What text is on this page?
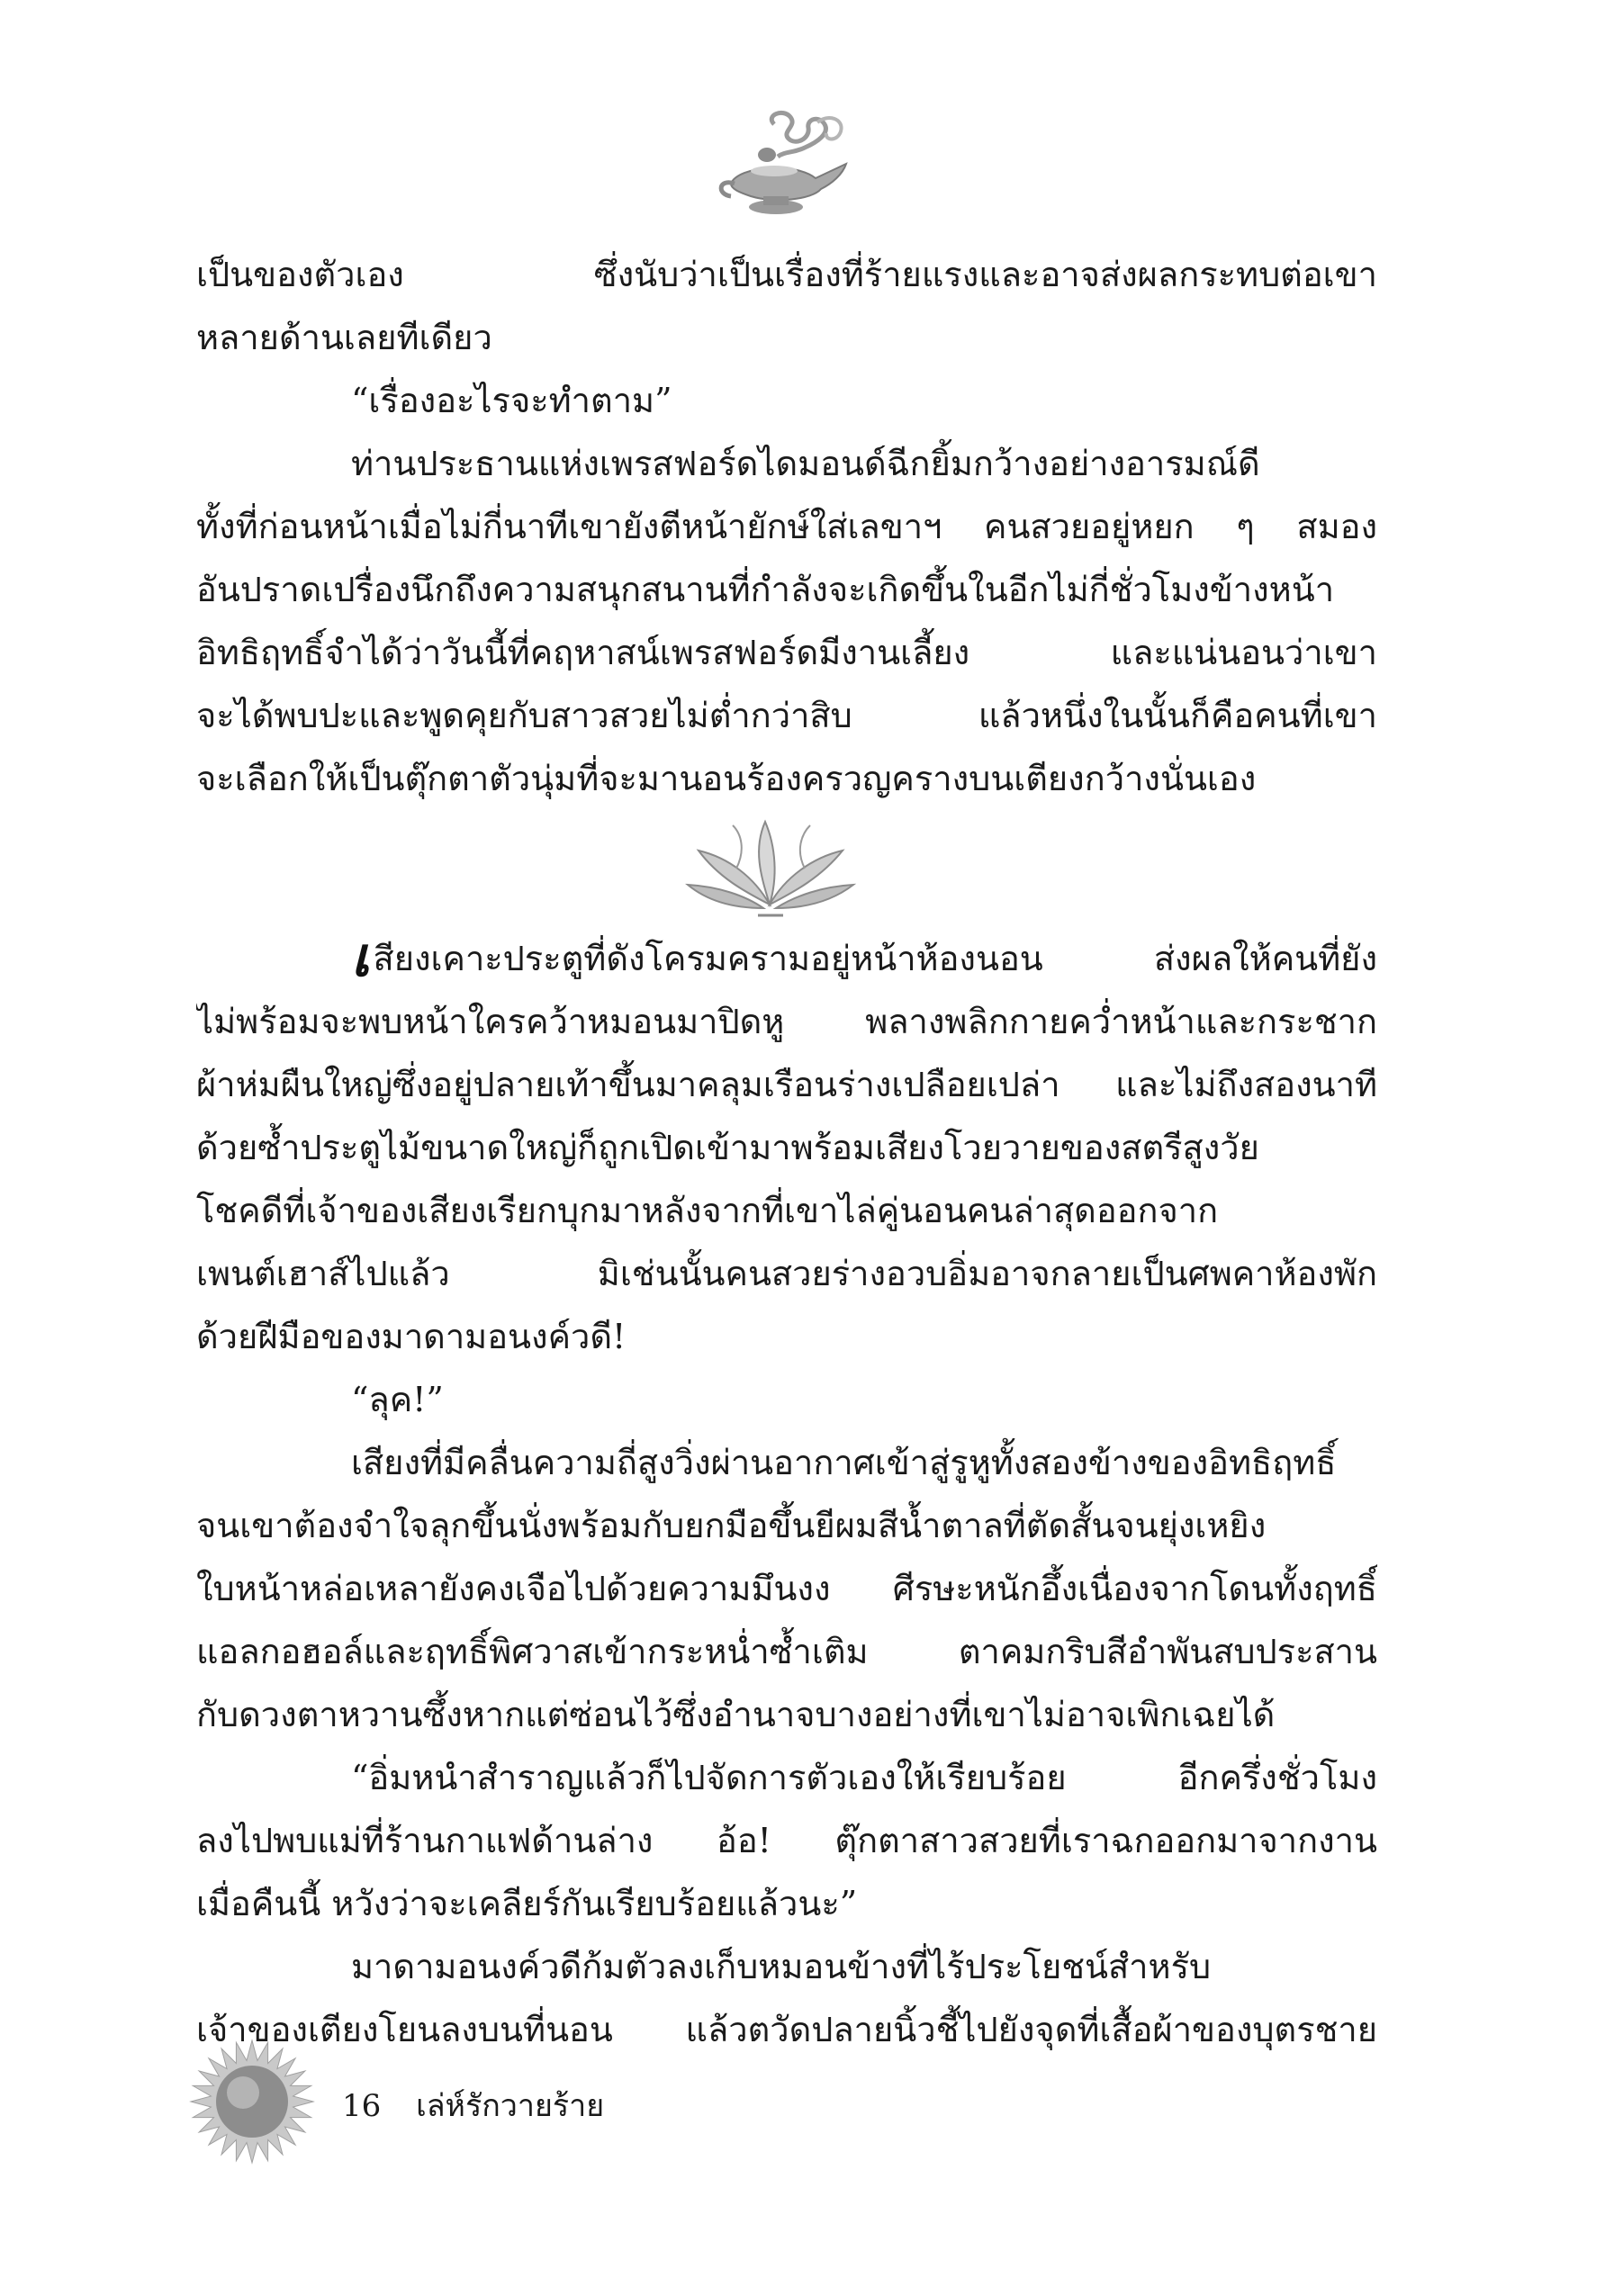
เป็นของตัวเอง ซึ่งนับว่าเป็นเรื่องที่ร้ายแรงและอาจส่งผลกระทบต่อเขา
หลายด้านเลยทีเดียว
“เรื่องอะไรจะทำตาม”
ท่านประธานแห่งเพรสฟอร์ดไดมอนด์ฉีกยิ้มกว้างอย่างอารมณ์ดี
ทั้งที่ก่อนหน้าเมื่อไม่กี่นาทีเขายังตีหน้ายักษ์ใส่เลขาฯ คนสวยอยู่หยก ๆ สมอง
อันปราดเปรื่องนึกถึงความสนุกสนานที่กำลังจะเกิดขึ้นในอีกไม่กี่ชั่วโมงข้างหน้า
อิทธิฤทธิ์จำได้ว่าวันนี้ที่คฤหาสน์เพรสฟอร์ดมีงานเลี้ยง และแน่นอนว่าเขา
จะได้พบปะและพูดคุยกับสาวสวยไม่ต่ำกว่าสิบ แล้วหนึ่งในนั้นก็คือคนที่เขา
จะเลือกให้เป็นตุ๊กตาตัวนุ่มที่จะมานอนร้องครวญครางบนเตียงกว้างนั่นเอง
เสียงเคาะประตูที่ดังโครมครามอยู่หน้าห้องนอน ส่งผลให้คนที่ยัง
ไม่พร้อมจะพบหน้าใครคว้าหมอนมาปิดหู พลางพลิกกายคว่ำหน้าและกระชาก
ผ้าห่มผืนใหญ่ซึ่งอยู่ปลายเท้าขึ้นมาคลุมเรือนร่างเปลือยเปล่า และไม่ถึงสองนาที
ด้วยซ้ำประตูไม้ขนาดใหญ่ก็ถูกเปิดเข้ามาพร้อมเสียงโวยวายของสตรีสูงวัย
โชคดีที่เจ้าของเสียงเรียกบุกมาหลังจากที่เขาไล่คู่นอนคนล่าสุดออกจาก
เพนต์เฮาส์ไปแล้ว มิเช่นนั้นคนสวยร่างอวบอิ่มอาจกลายเป็นศพคาห้องพัก
ด้วยฝีมือของมาดามอนงค์วดี!
“ลุค!”
เสียงที่มีคลื่นความถี่สูงวิ่งผ่านอากาศเข้าสู่รูหูทั้งสองข้างของอิทธิฤทธิ์
จนเขาต้องจำใจลุกขึ้นนั่งพร้อมกับยกมือขึ้นยีผมสีน้ำตาลที่ตัดสั้นจนยุ่งเหยิง
ใบหน้าหล่อเหลายังคงเจือไปด้วยความมึนงง ศีรษะหนักอึ้งเนื่องจากโดนทั้งฤทธิ์
แอลกอฮอล์และฤทธิ์พิศวาสเข้ากระหน่ำซ้ำเติม ตาคมกริบสีอำพันสบประสาน
กับดวงตาหวานซึ้งหากแต่ซ่อนไว้ซึ่งอำนาจบางอย่างที่เขาไม่อาจเพิกเฉยได้
“อิ่มหนำสำราญแล้วก็ไปจัดการตัวเองให้เรียบร้อย อีกครึ่งชั่วโมง
ลงไปพบแม่ที่ร้านกาแฟด้านล่าง อ้อ! ตุ๊กตาสาวสวยที่เราฉกออกมาจากงาน
เมื่อคืนนี้ หวังว่าจะเคลียร์กันเรียบร้อยแล้วนะ”
มาดามอนงค์วดีก้มตัวลงเก็บหมอนข้างที่ไร้ประโยชน์สำหรับ
เจ้าของเตียงโยนลงบนที่นอน แล้วตวัดปลายนิ้วชี้ไปยังจุดที่เสื้อผ้าของบุตรชาย
16 เล่ห์รักวายร้าย
